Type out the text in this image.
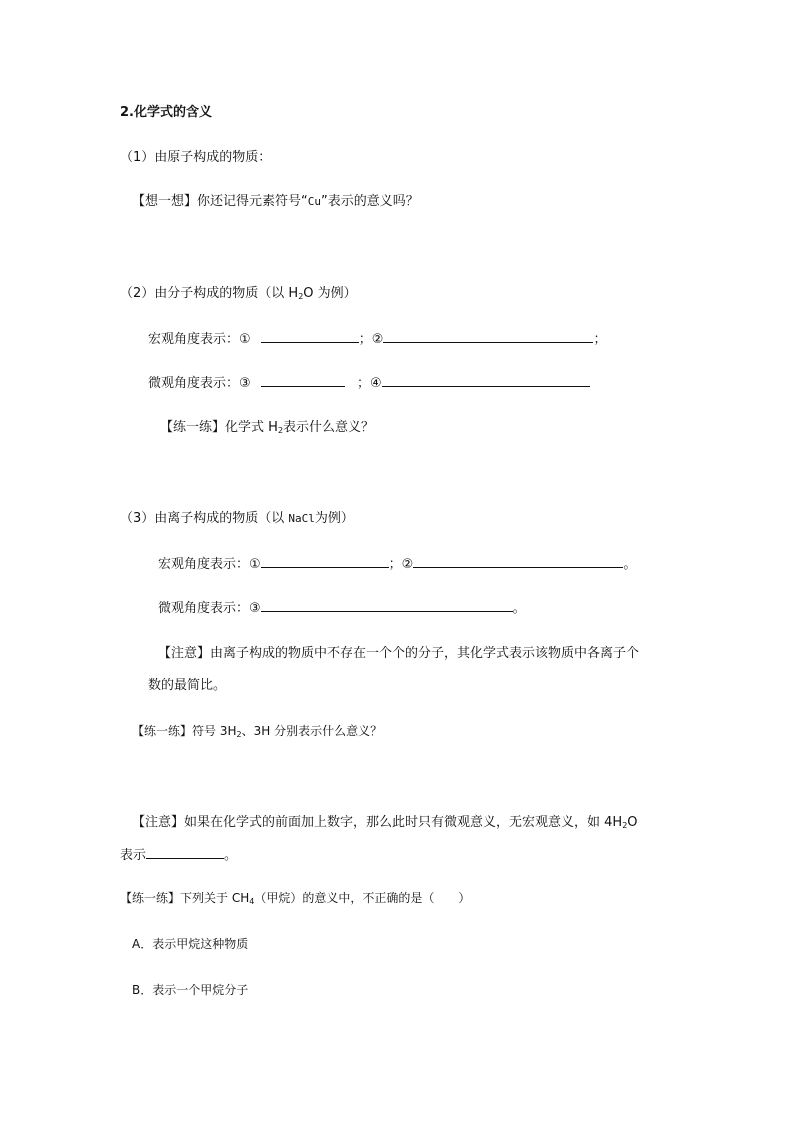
2.化学式的含义
（1）由原子构成的物质：
【想一想】你还记得元素符号“Cu”表示的意义吗？
（2）由分子构成的物质（以 $H_2O$ 为例）
宏观角度表示：①	；②	；
微观角度表示：③	；④
【练一练】化学式 $H_2$表示什么意义？
（3）由离子构成的物质（以 NaCl为例）
宏观角度表示：①	；②	。
微观角度表示：③	。
【注意】由离子构成的物质中不存在一个个的分子，其化学式表示该物质中各离子个
数的最简比。
【练一练】符号 $3H_2$、3H 分别表示什么意义？
【注意】如果在化学式的前面加上数字，那么此时只有微观意义，无宏观意义，如 $4H_2O$
表示	。
【练一练】下列关于 $CH_4$（甲烷）的意义中，不正确的是（　　）
A．表示甲烷这种物质
B．表示一个甲烷分子
